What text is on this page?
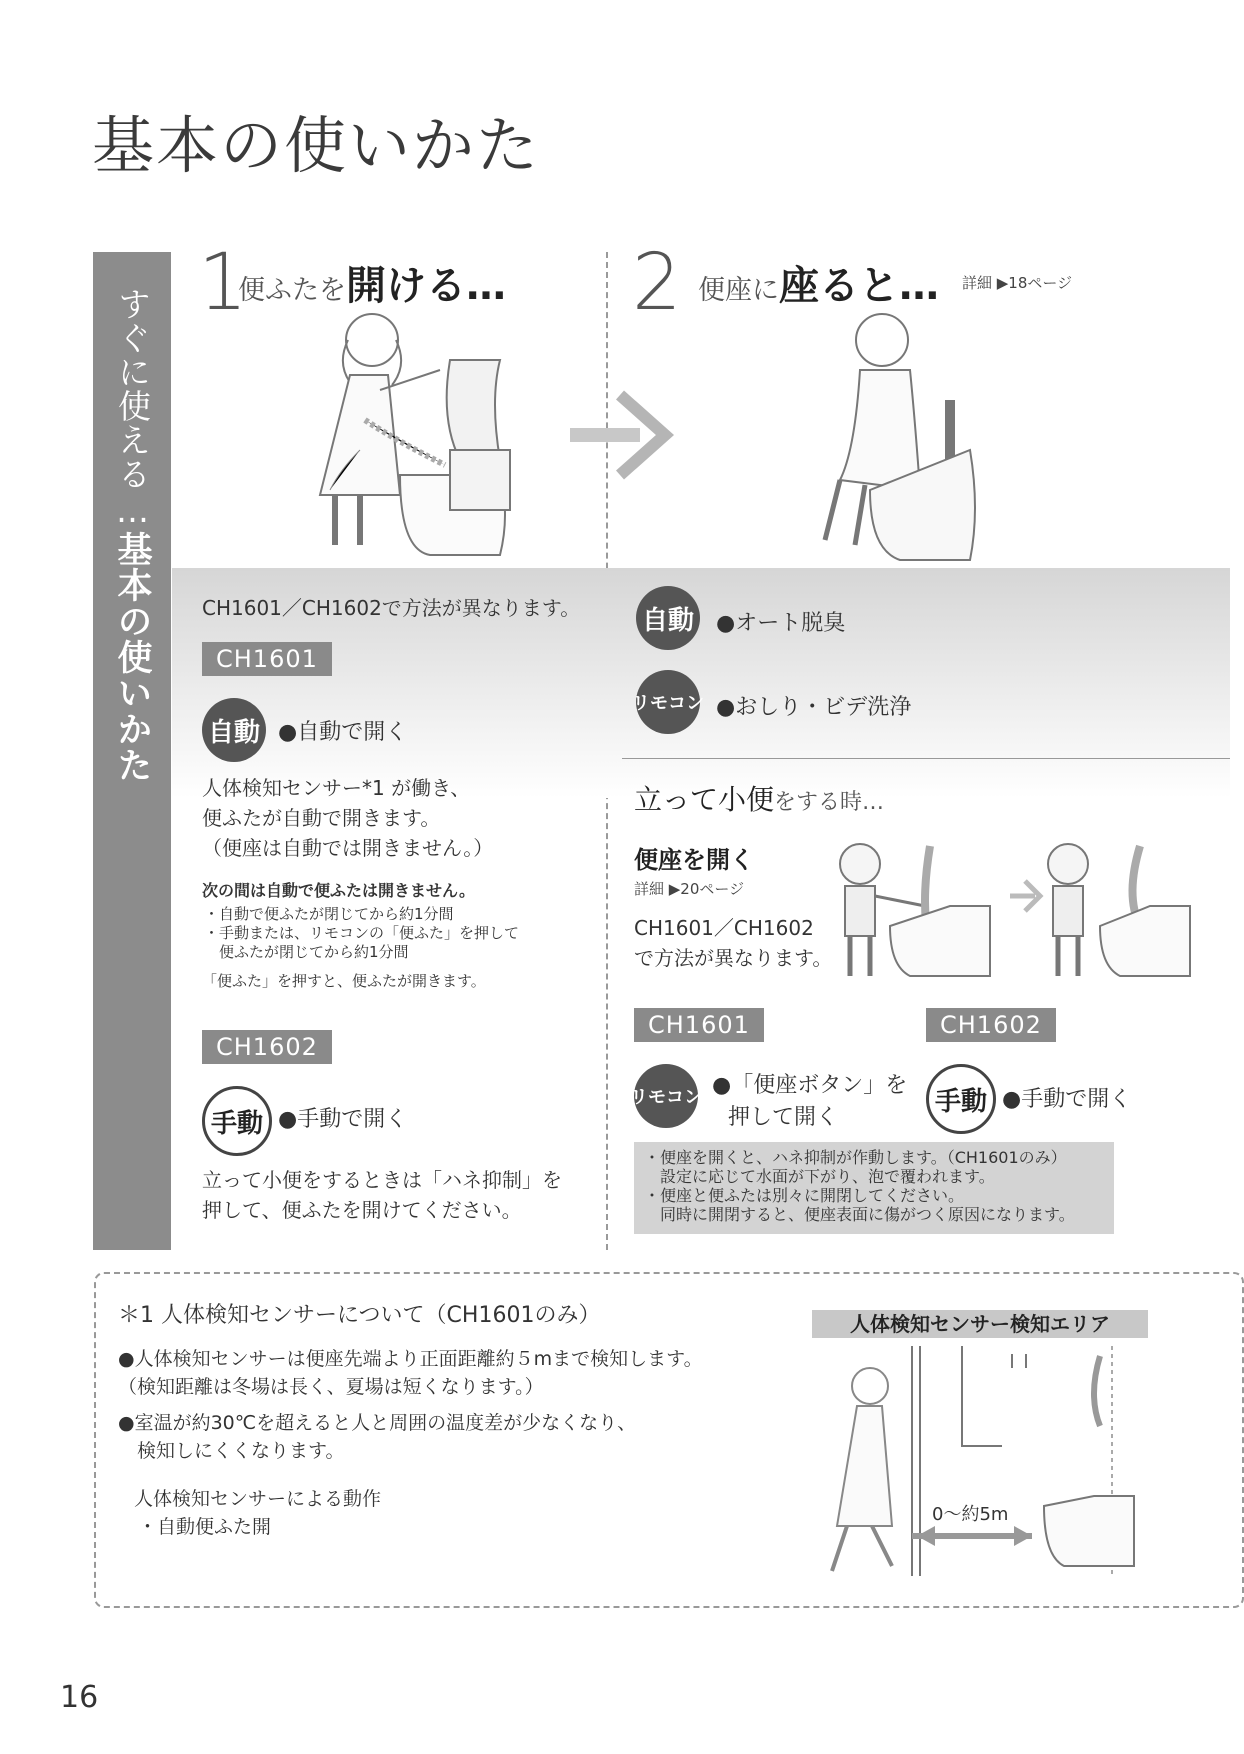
基本の使いかた
すぐに使える…基本の使いかた
1
便ふたを開ける… 2 便座に座ると… 詳細 ▶18ページ
CH1601／CH1602で方法が異なります。
CH1601
自動 ●自動で開く
人体検知センサー*1 が働き、
便ふたが自動で開きます。
（便座は自動では開きません。）
次の間は自動で便ふたは開きません。
・自動で便ふたが閉じてから約1分間
・手動または、リモコンの「便ふた」を押して
　便ふたが閉じてから約1分間
「便ふた」を押すと、便ふたが開きます。
CH1602
手動 ●手動で開く
立って小便をするときは「ハネ抑制」を
押して、便ふたを開けてください。
自動 ●オート脱臭
リモコン ●おしり・ビデ洗浄
立って小便をする時…
便座を開く
詳細 ▶20ページ
CH1601／CH1602
で方法が異なります。
CH1601	CH1602
リモコン ●「便座ボタン」を
押して開く
手動 ●手動で開く
・便座を開くと、ハネ抑制が作動します。（CH1601のみ）
　設定に応じて水面が下がり、泡で覆われます。
・便座と便ふたは別々に開閉してください。
　同時に開閉すると、便座表面に傷がつく原因になります。
＊1 人体検知センサーについて（CH1601のみ）
●人体検知センサーは便座先端より正面距離約５mまで検知します。
（検知距離は冬場は長く、夏場は短くなります。）
●室温が約30℃を超えると人と周囲の温度差が少なくなり、
　検知しにくくなります。
人体検知センサーによる動作
・自動便ふた開
人体検知センサー検知エリア
0～約5m
16
